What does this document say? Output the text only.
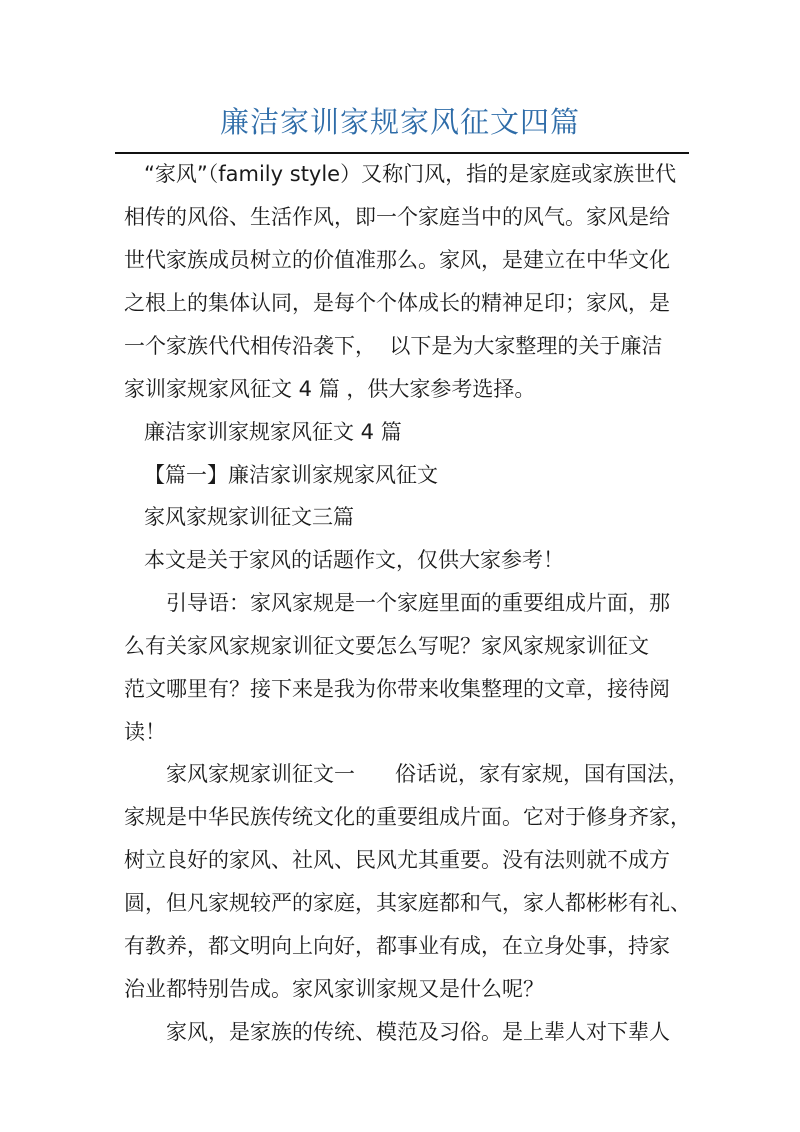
廉洁家训家规家风征文四篇
“家风”（family style）又称门风，指的是家庭或家族世代
相传的风俗、生活作风，即一个家庭当中的风气。家风是给
世代家族成员树立的价值准那么。家风，是建立在中华文化
之根上的集体认同，是每个个体成长的精神足印；家风，是
一个家族代代相传沿袭下，  以下是为大家整理的关于廉洁
家训家规家风征文 4 篇 ，供大家参考选择。
廉洁家训家规家风征文 4 篇
【篇一】廉洁家训家规家风征文
家风家规家训征文三篇
本文是关于家风的话题作文，仅供大家参考！
引导语：家风家规是一个家庭里面的重要组成片面，那
么有关家风家规家训征文要怎么写呢？家风家规家训征文
范文哪里有？接下来是我为你带来收集整理的文章，接待阅
读！
家风家规家训征文一      俗话说，家有家规，国有国法，
家规是中华民族传统文化的重要组成片面。它对于修身齐家，
树立良好的家风、社风、民风尤其重要。没有法则就不成方
圆，但凡家规较严的家庭，其家庭都和气，家人都彬彬有礼、
有教养，都文明向上向好，都事业有成，在立身处事，持家
治业都特别告成。家风家训家规又是什么呢？
家风，是家族的传统、模范及习俗。是上辈人对下辈人
